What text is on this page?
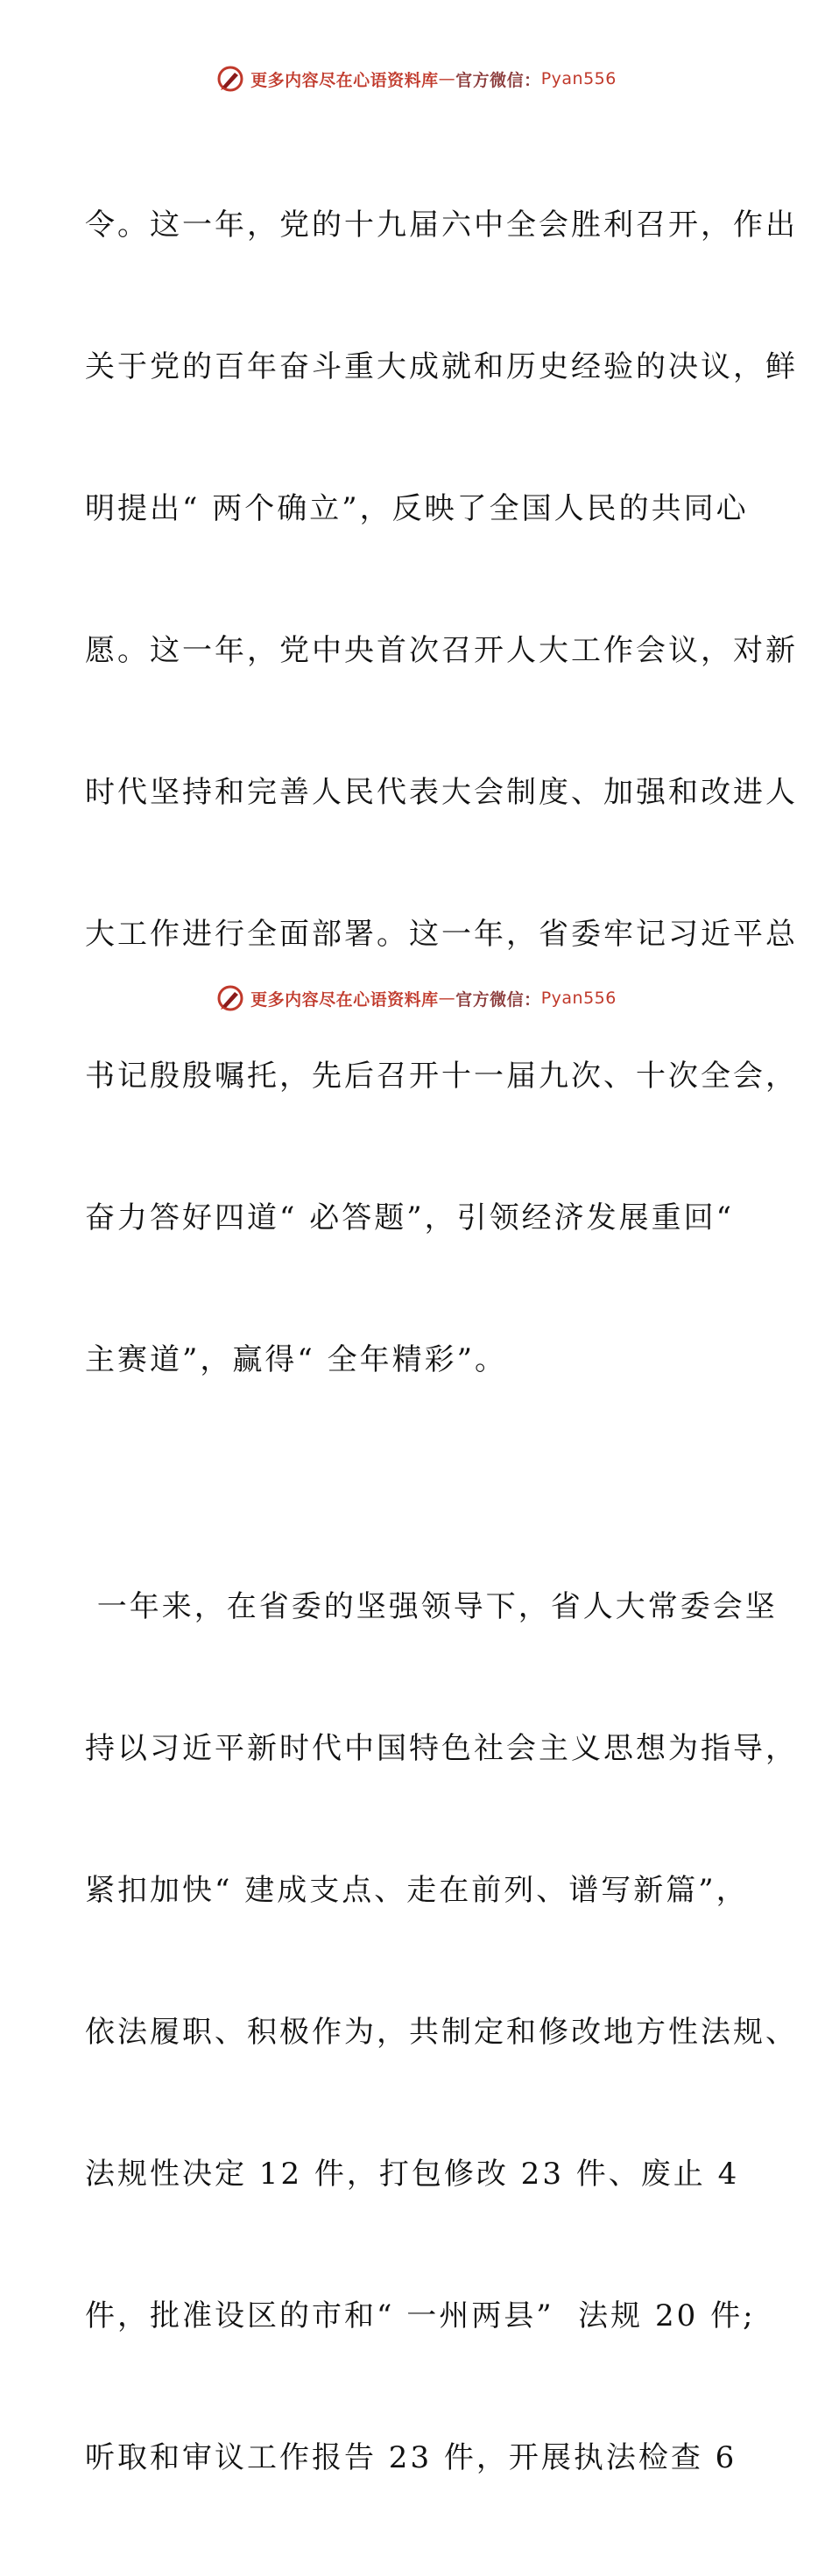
更多内容尽在心语资料库 — 官方微信： Pyan556

令。这一年，党的十九届六中全会胜利召开，作出

关于党的百年奋斗重大成就和历史经验的决议，鲜

明提出“ 两个确立”，反映了全国人民的共同心

愿。这一年，党中央首次召开人大工作会议，对新

时代坚持和完善人民代表大会制度、加强和改进人

大工作进行全面部署。这一年，省委牢记习近平总

书记殷殷嘱托，先后召开十一届九次、十次全会，

奋力答好四道“ 必答题”，引领经济发展重回“

主赛道”，赢得“ 全年精彩”。

一年来，在省委的坚强领导下，省人大常委会坚

持以习近平新时代中国特色社会主义思想为指导，

紧扣加快“ 建成支点、走在前列、谱写新篇”，

依法履职、积极作为，共制定和修改地方性法规、

法规性决定 12 件，打包修改 23 件、废止 4

件，批准设区的市和“ 一州两县”  法规 20 件;

听取和审议工作报告 23 件，开展执法检查 6

更多内容尽在心语资料库 — 官方微信： Pyan556
